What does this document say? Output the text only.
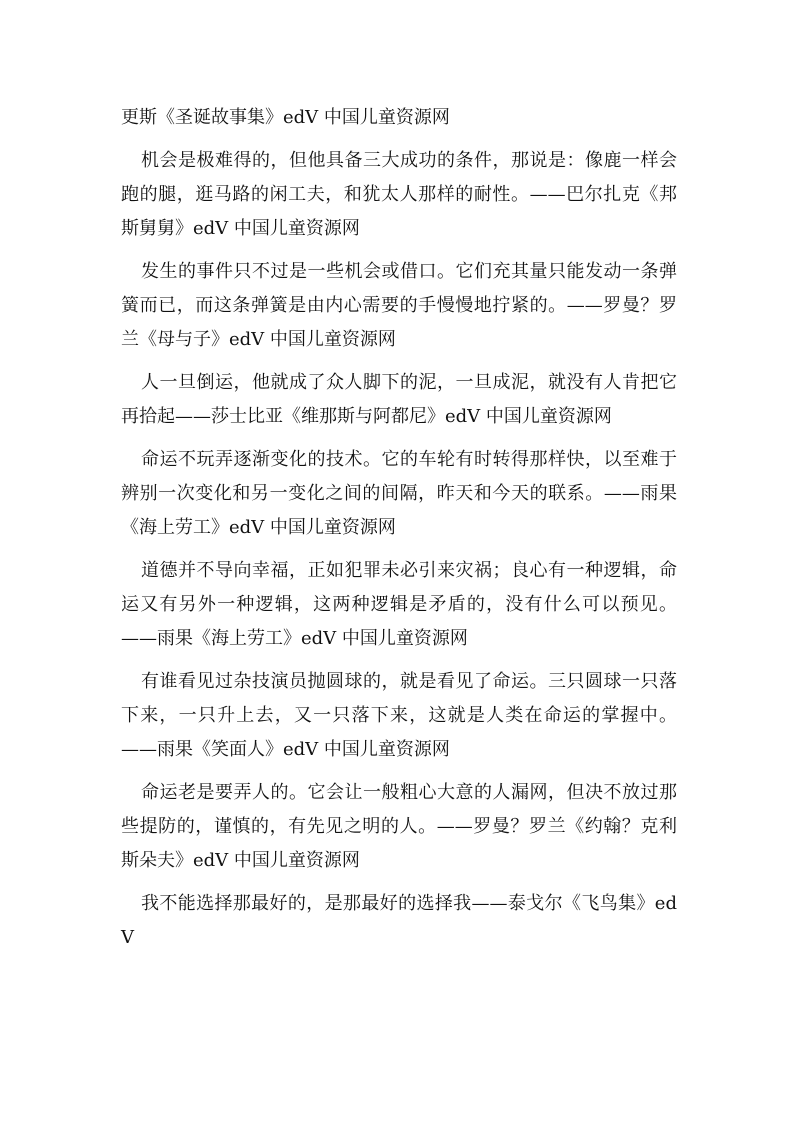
更斯《圣诞故事集》edV 中国儿童资源网

机会是极难得的，但他具备三大成功的条件，那说是：像鹿一样会跑的腿，逛马路的闲工夫，和犹太人那样的耐性。——巴尔扎克《邦斯舅舅》edV 中国儿童资源网

发生的事件只不过是一些机会或借口。它们充其量只能发动一条弹簧而已，而这条弹簧是由内心需要的手慢慢地拧紧的。——罗曼？罗兰《母与子》edV 中国儿童资源网

人一旦倒运，他就成了众人脚下的泥，一旦成泥，就没有人肯把它再拾起——莎士比亚《维那斯与阿都尼》edV 中国儿童资源网

命运不玩弄逐渐变化的技术。它的车轮有时转得那样快，以至难于辨别一次变化和另一变化之间的间隔，昨天和今天的联系。——雨果《海上劳工》edV 中国儿童资源网

道德并不导向幸福，正如犯罪未必引来灾祸；良心有一种逻辑，命运又有另外一种逻辑，这两种逻辑是矛盾的，没有什么可以预见。——雨果《海上劳工》edV 中国儿童资源网

有谁看见过杂技演员抛圆球的，就是看见了命运。三只圆球一只落下来，一只升上去，又一只落下来，这就是人类在命运的掌握中。——雨果《笑面人》edV 中国儿童资源网

命运老是要弄人的。它会让一般粗心大意的人漏网，但决不放过那些提防的，谨慎的，有先见之明的人。——罗曼？罗兰《约翰？克利斯朵夫》edV 中国儿童资源网

我不能选择那最好的，是那最好的选择我——泰戈尔《飞鸟集》edV
